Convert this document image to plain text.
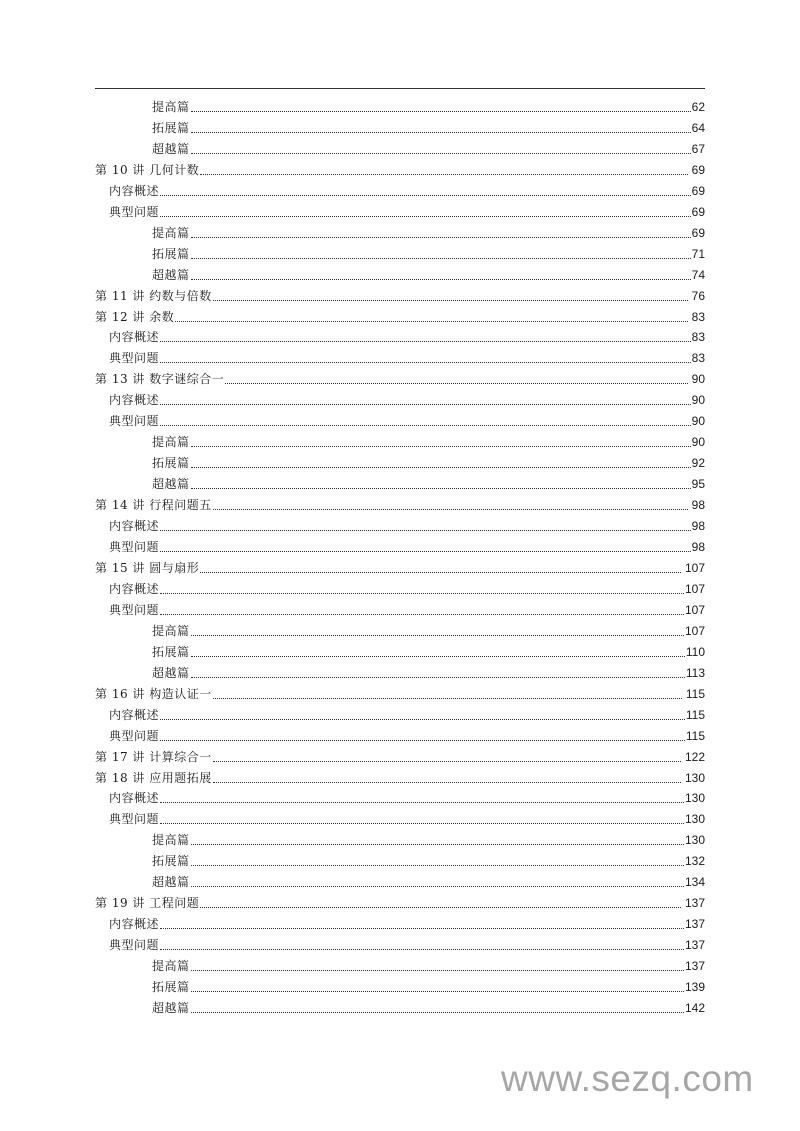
提高篇	62
拓展篇	64
超越篇	67
第 10 讲 几何计数	69
内容概述	69
典型问题	69
提高篇	69
拓展篇	71
超越篇	74
第 11 讲 约数与倍数	76
第 12 讲 余数	83
内容概述	83
典型问题	83
第 13 讲 数字谜综合一	90
内容概述	90
典型问题	90
提高篇	90
拓展篇	92
超越篇	95
第 14 讲 行程问题五	98
内容概述	98
典型问题	98
第 15 讲 圆与扇形	107
内容概述	107
典型问题	107
提高篇	107
拓展篇	110
超越篇	113
第 16 讲 构造认证一	115
内容概述	115
典型问题	115
第 17 讲 计算综合一	122
第 18 讲 应用题拓展	130
内容概述	130
典型问题	130
提高篇	130
拓展篇	132
超越篇	134
第 19 讲 工程问题	137
内容概述	137
典型问题	137
提高篇	137
拓展篇	139
超越篇	142
www.sezq.com
